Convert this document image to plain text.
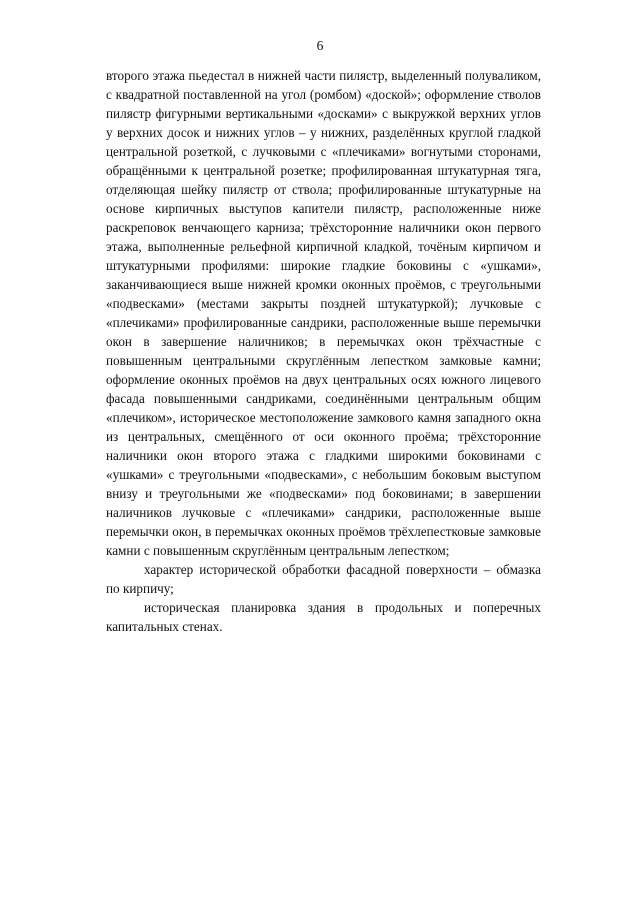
6

второго этажа пьедестал в нижней части пилястр, выделенный полуваликом, с квадратной поставленной на угол (ромбом) «доской»; оформление стволов пилястр фигурными вертикальными «досками» с выкружкой верхних углов у верхних досок и нижних углов – у нижних, разделённых круглой гладкой центральной розеткой, с лучковыми с «плечиками» вогнутыми сторонами, обращёнными к центральной розетке; профилированная штукатурная тяга, отделяющая шейку пилястр от ствола; профилированные штукатурные на основе кирпичных выступов капители пилястр, расположенные ниже раскреповок венчающего карниза; трёхсторонние наличники окон первого этажа, выполненные рельефной кирпичной кладкой, точёным кирпичом и штукатурными профилями: широкие гладкие боковины с «ушками», заканчивающиеся выше нижней кромки оконных проёмов, с треугольными «подвесками» (местами закрыты поздней штукатуркой); лучковые с «плечиками» профилированные сандрики, расположенные выше перемычки окон в завершение наличников; в перемычках окон трёхчастные с повышенным центральными скруглённым лепестком замковые камни; оформление оконных проёмов на двух центральных осях южного лицевого фасада повышенными сандриками, соединёнными центральным общим «плечиком», историческое местоположение замкового камня западного окна из центральных, смещённого от оси оконного проёма; трёхсторонние наличники окон второго этажа с гладкими широкими боковинами с «ушками» с треугольными «подвесками», с небольшим боковым выступом внизу и треугольными же «подвесками» под боковинами; в завершении наличников лучковые с «плечиками» сандрики, расположенные выше перемычки окон, в перемычках оконных проёмов трёхлепестковые замковые камни с повышенным скруглённым центральным лепестком;

характер исторической обработки фасадной поверхности – обмазка по кирпичу;

историческая планировка здания в продольных и поперечных капитальных стенах.
